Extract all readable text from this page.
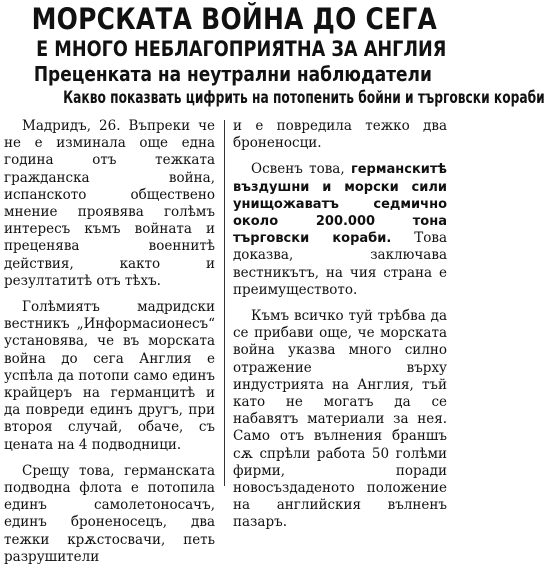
МОРСКАТА ВОЙНА ДО СЕГА
Е МНОГО НЕБЛАГОПРИЯТНА ЗА АНГЛИЯ
Преценката на неутрални наблюдатели
Какво показвать цифрить на потопенить бойни и търговски кораби

Мадридъ, 26. Въпреки че не е изминала още една година отъ тежката гражданска война, испанското обществено мнение проявява голѣмъ интересъ къмъ войната и преценява военнитѣ действия, както и резултатитѣ отъ тѣхъ.

Голѣмиятъ мадридски вестникъ „Информасионесъ“ установява, че въ морската война до сега Англия е успѣла да потопи само единъ крайцеръ на германцитѣ и да повреди единъ другъ, при второя случай, обаче, съ цената на 4 подводници.

Срещу това, германската подводна флота е потопила единъ самолетоносачъ, единъ броненосецъ, два тежки крѫстосвачи, петь разрушители

и е повредила тежко два броненосци.

Освенъ това, германскитѣ въздушни и морски сили унищожаватъ седмично около 200.000 тона търговски кораби. Това доказва, заключава вестникътъ, на чия страна е преимуществото.

Къмъ всичко туй трѣбва да се прибави още, че морската война указва много силно отражение върху индустрията на Англия, тъй като не могатъ да се набавятъ материали за нея. Само отъ вълнения браншъ сѫ спрѣли работа 50 голѣми фирми, поради новосъздаденото положение на английския вълненъ пазаръ.
